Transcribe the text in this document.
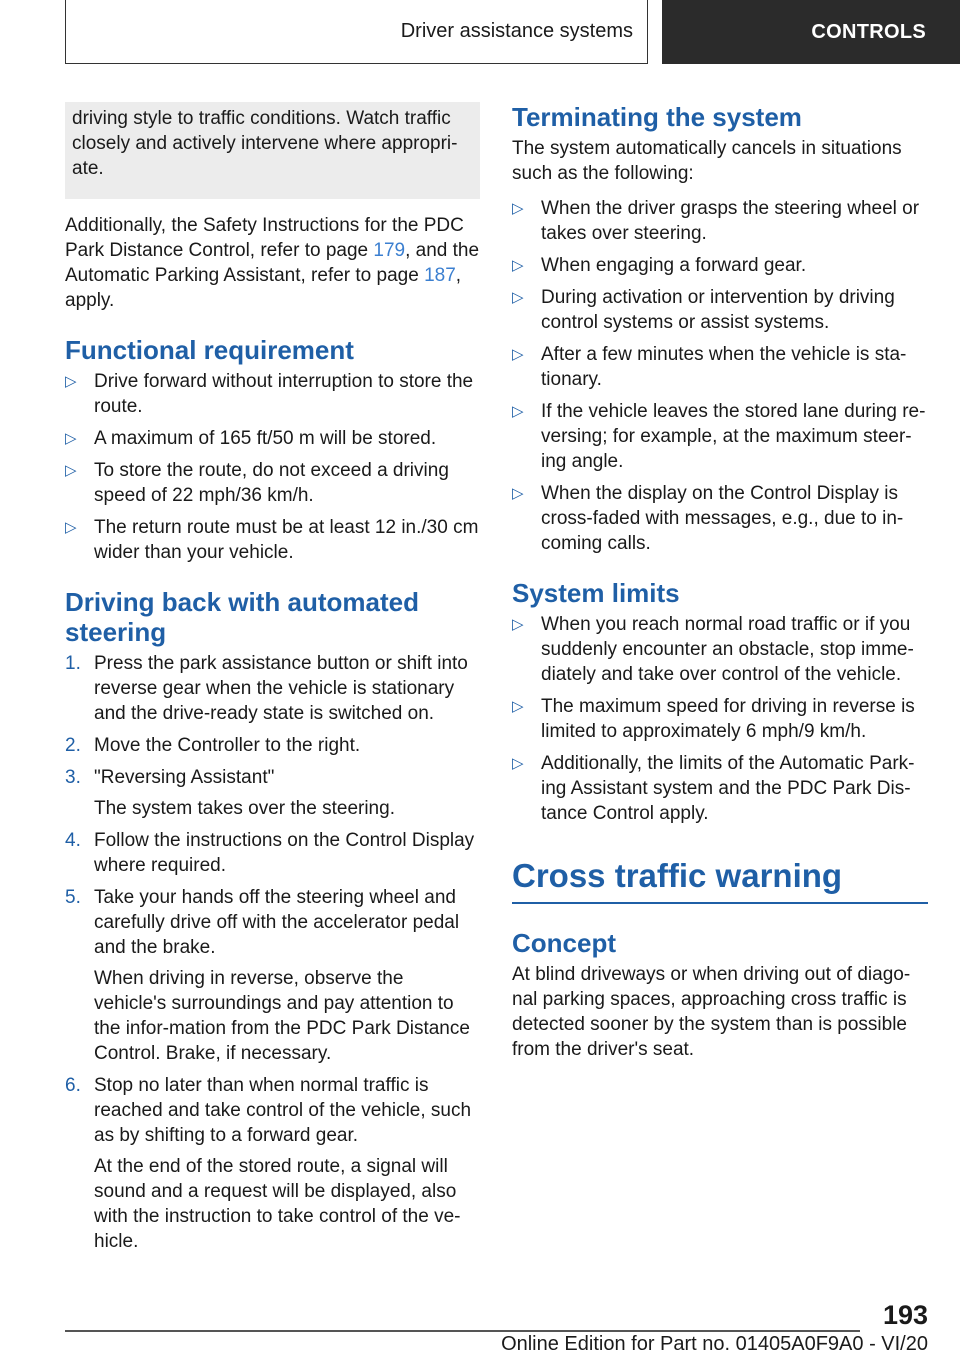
Driver assistance systems	CONTROLS
driving style to traffic conditions. Watch traffic closely and actively intervene where appropri-ate.

Additionally, the Safety Instructions for the PDC Park Distance Control, refer to page 179, and the Automatic Parking Assistant, refer to page 187, apply.

Functional requirement
▷ Drive forward without interruption to store the route.
▷ A maximum of 165 ft/50 m will be stored.
▷ To store the route, do not exceed a driving speed of 22 mph/36 km/h.
▷ The return route must be at least 12 in./30 cm wider than your vehicle.
Driving back with automated steering
1. Press the park assistance button or shift into reverse gear when the vehicle is stationary and the drive-ready state is switched on.
2. Move the Controller to the right.
3. "Reversing Assistant"
The system takes over the steering.
4. Follow the instructions on the Control Display where required.
5. Take your hands off the steering wheel and carefully drive off with the accelerator pedal and the brake.
When driving in reverse, observe the vehicle's surroundings and pay attention to the infor-mation from the PDC Park Distance Control. Brake, if necessary.
6. Stop no later than when normal traffic is reached and take control of the vehicle, such as by shifting to a forward gear.
At the end of the stored route, a signal will sound and a request will be displayed, also with the instruction to take control of the ve-hicle.
Terminating the system

The system automatically cancels in situations such as the following:

▷ When the driver grasps the steering wheel or takes over steering.
▷ When engaging a forward gear.
▷ During activation or intervention by driving control systems or assist systems.
▷ After a few minutes when the vehicle is sta-tionary.
▷ If the vehicle leaves the stored lane during re-versing; for example, at the maximum steer-ing angle.
▷ When the display on the Control Display is cross-faded with messages, e.g., due to in-coming calls.
System limits
▷ When you reach normal road traffic or if you suddenly encounter an obstacle, stop imme-diately and take over control of the vehicle.
▷ The maximum speed for driving in reverse is limited to approximately 6 mph/9 km/h.
▷ Additionally, the limits of the Automatic Park-ing Assistant system and the PDC Park Dis-tance Control apply.
Cross traffic warning
Concept

At blind driveways or when driving out of diago-nal parking spaces, approaching cross traffic is detected sooner by the system than is possible from the driver's seat.

193
Online Edition for Part no. 01405A0F9A0 - VI/20
